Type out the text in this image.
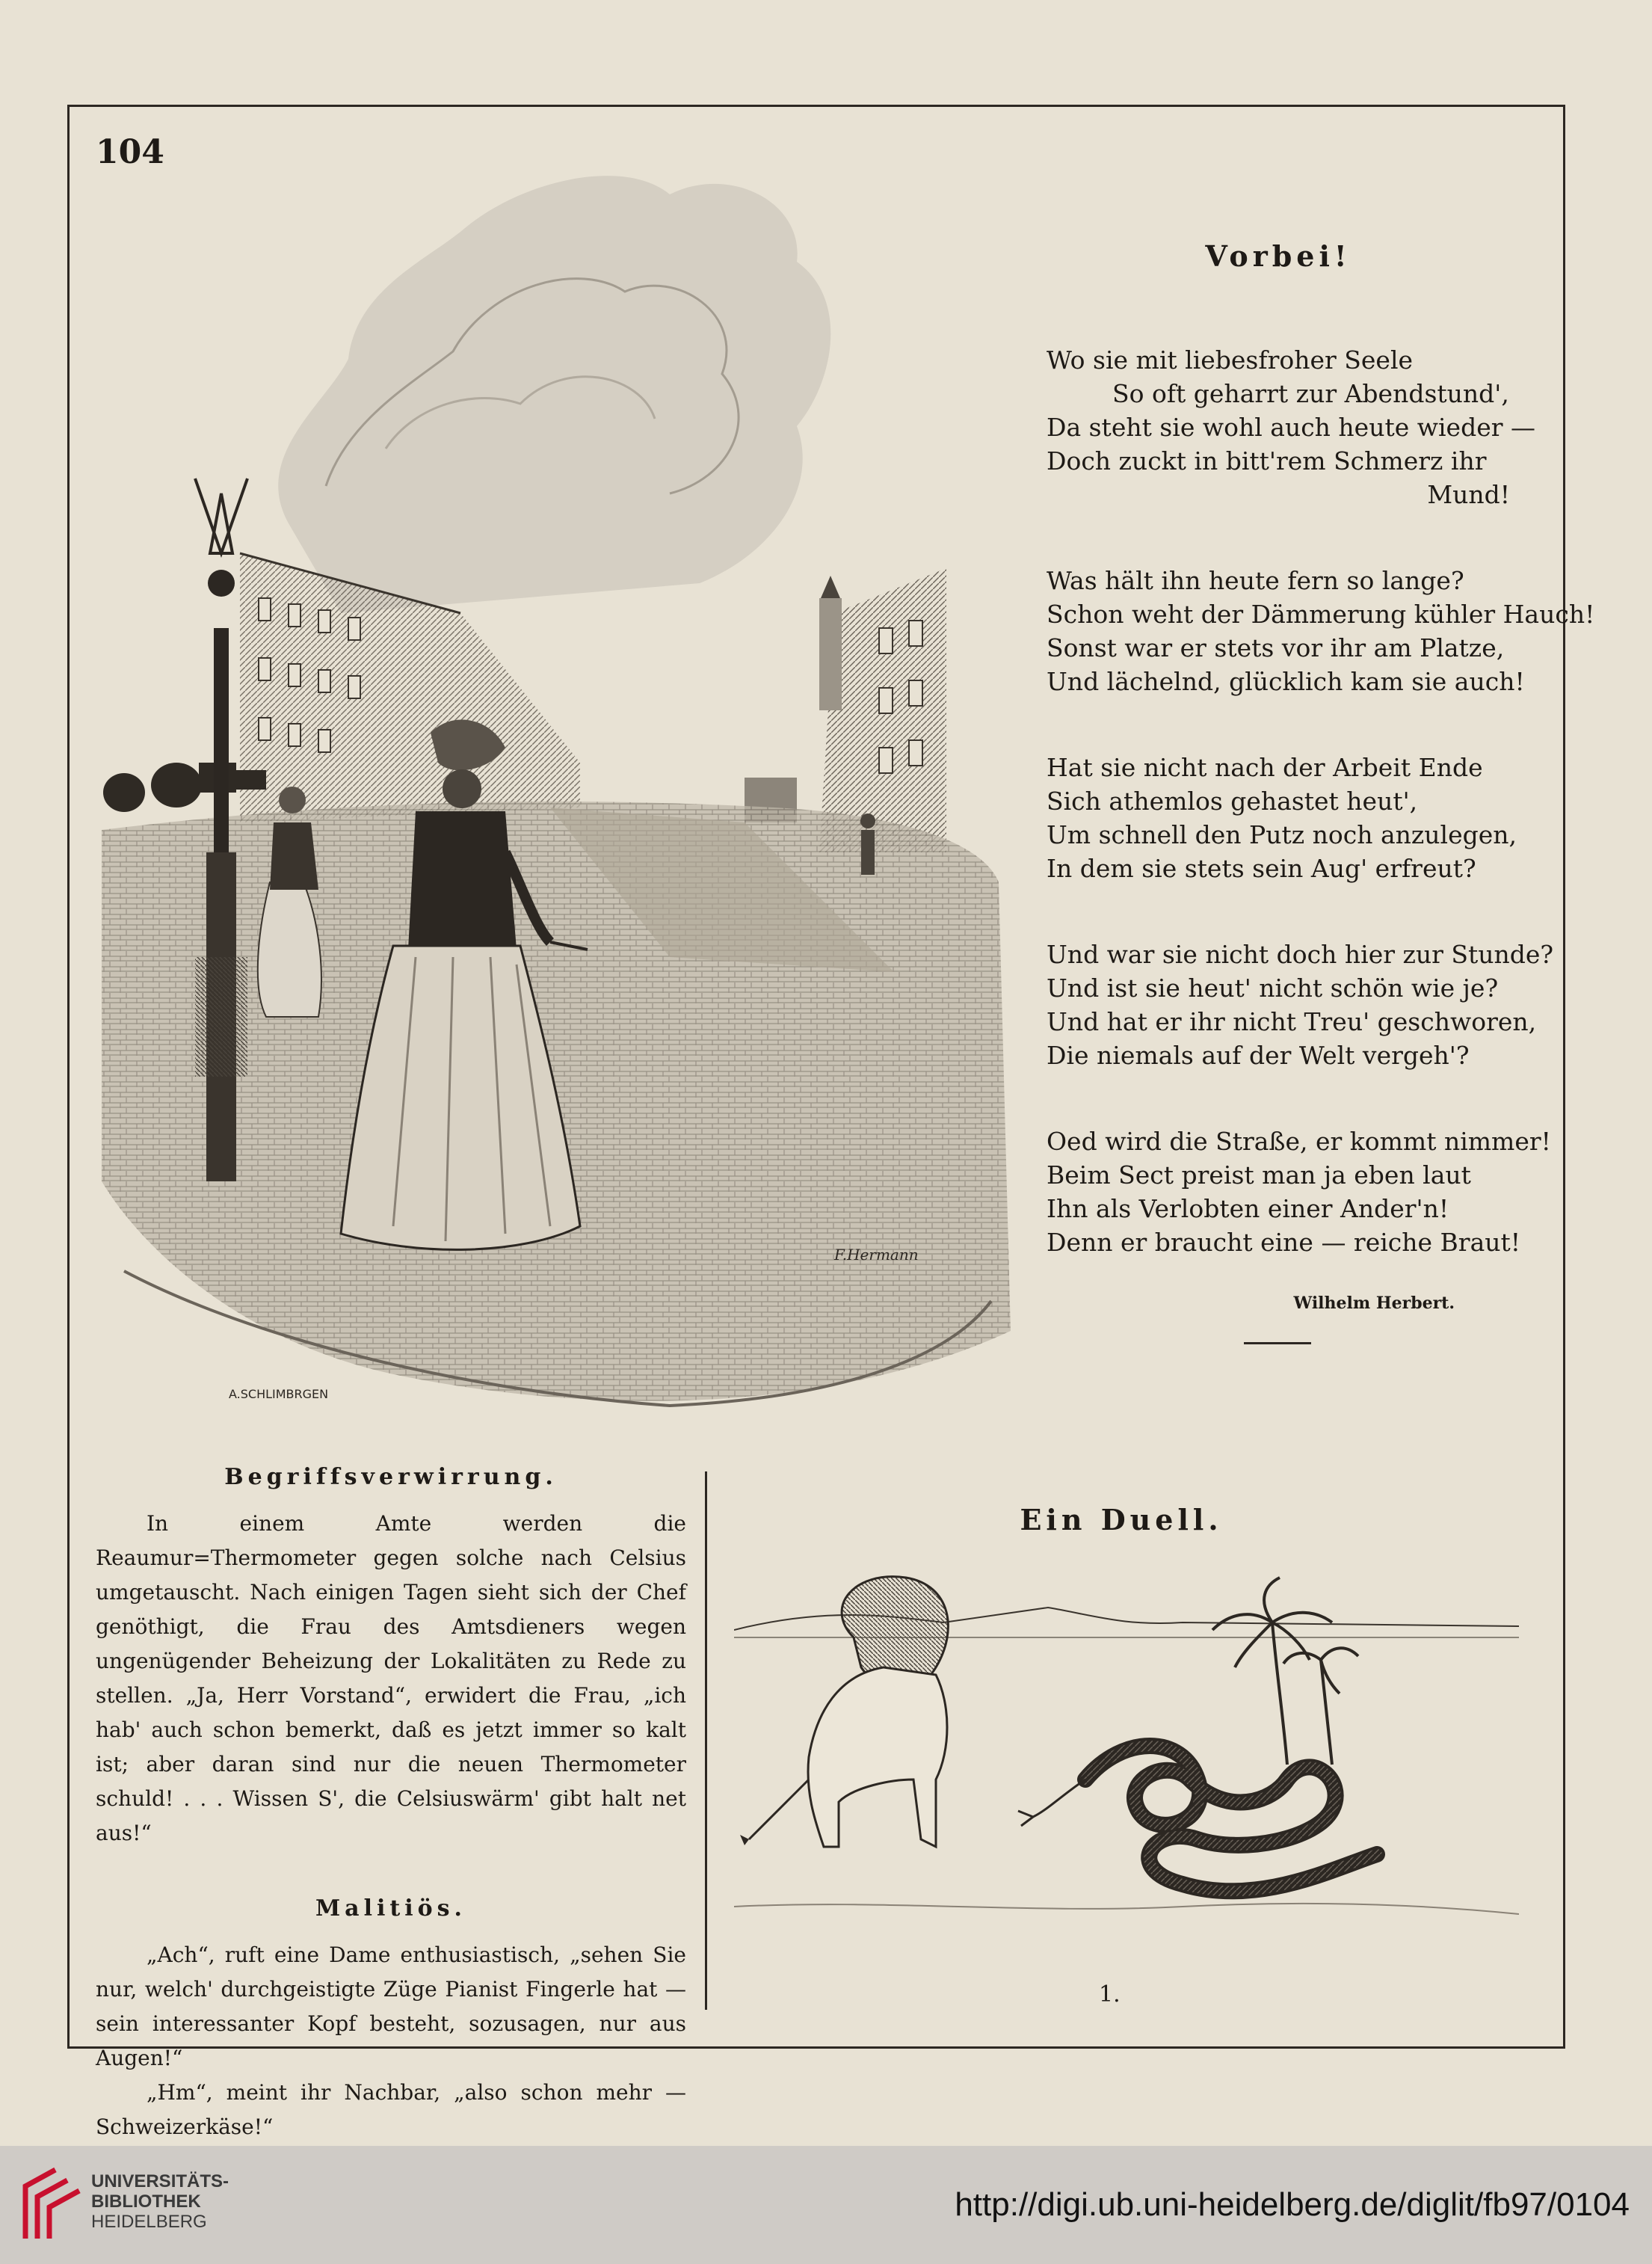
104
A.SCHLIMBRGEN
F.Hermann
Vorbei!
Wo sie mit liebesfroher Seele
So oft geharrt zur Abendstund',
Da steht sie wohl auch heute wieder —
Doch zuckt in bitt'rem Schmerz ihr
Mund!
Was hält ihn heute fern so lange?
Schon weht der Dämmerung kühler Hauch!
Sonst war er stets vor ihr am Platze,
Und lächelnd, glücklich kam sie auch!
Hat sie nicht nach der Arbeit Ende
Sich athemlos gehastet heut',
Um schnell den Putz noch anzulegen,
In dem sie stets sein Aug' erfreut?
Und war sie nicht doch hier zur Stunde?
Und ist sie heut' nicht schön wie je?
Und hat er ihr nicht Treu' geschworen,
Die niemals auf der Welt vergeh'?
Oed wird die Straße, er kommt nimmer!
Beim Sect preist man ja eben laut
Ihn als Verlobten einer Ander'n!
Denn er braucht eine — reiche Braut!
Wilhelm Herbert.
Begriffsverwirrung.

In einem Amte werden die Reaumur=Thermometer gegen solche nach Celsius umgetauscht. Nach einigen Tagen sieht sich der Chef genöthigt, die Frau des Amtsdieners wegen ungenügender Beheizung der Lokalitäten zu Rede zu stellen. „Ja, Herr Vorstand“, erwidert die Frau, „ich hab' auch schon bemerkt, daß es jetzt immer so kalt ist; aber daran sind nur die neuen Thermometer schuld! . . . Wissen S', die Celsiuswärm' gibt halt net aus!“

Malitiös.

„Ach“, ruft eine Dame enthusiastisch, „sehen Sie nur, welch' durchgeistigte Züge Pianist Fingerle hat — sein interessanter Kopf besteht, sozusagen, nur aus Augen!“

„Hm“, meint ihr Nachbar, „also schon mehr — Schweizerkäse!“

Ein Duell.
1.
UNIVERSITÄTS-
BIBLIOTHEK
HEIDELBERG	http://digi.ub.uni-heidelberg.de/diglit/fb97/0104
